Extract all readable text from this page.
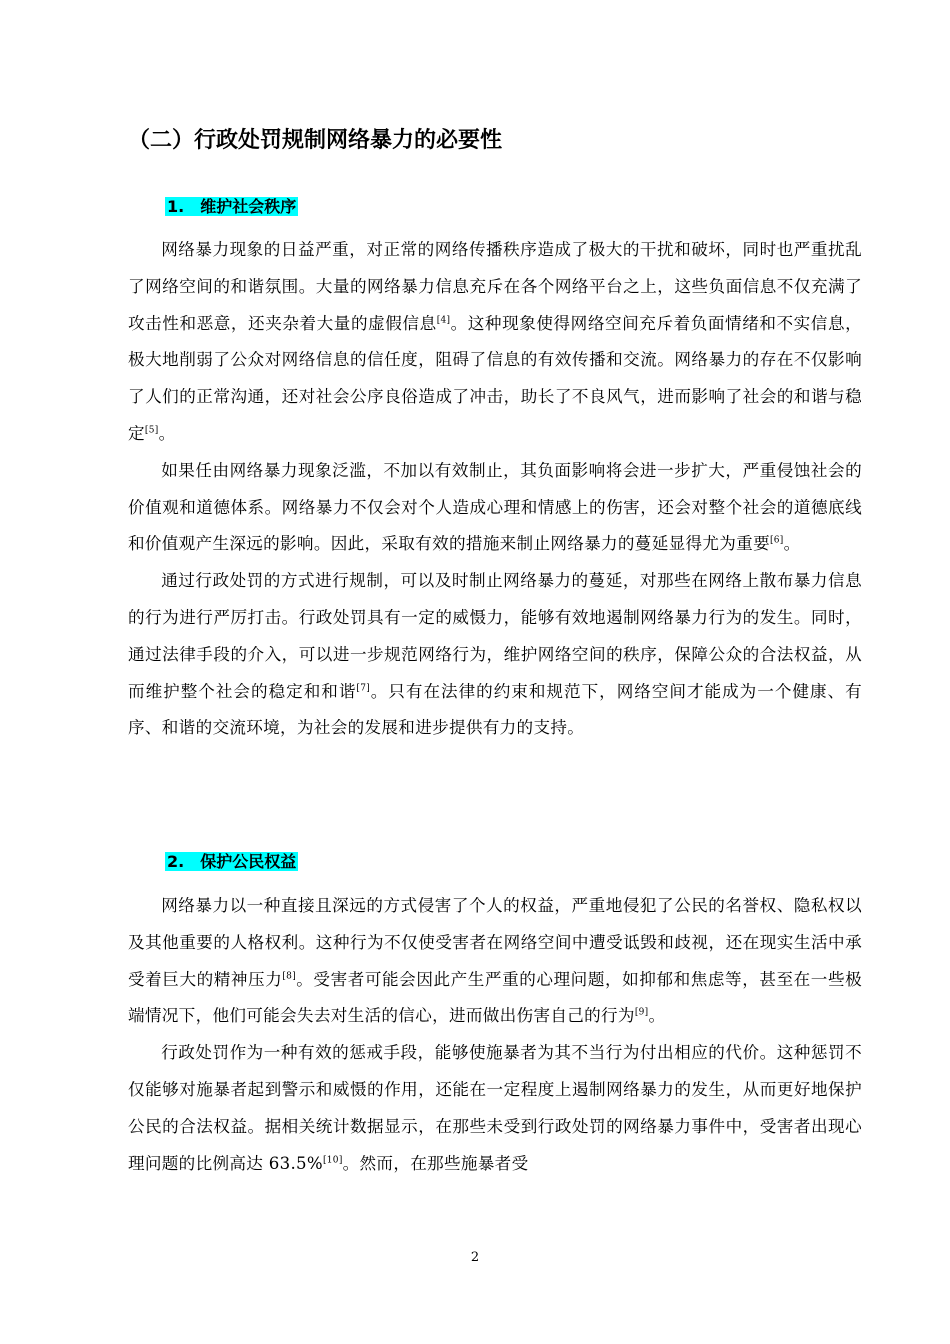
（二）行政处罚规制网络暴力的必要性
1. 维护社会秩序

网络暴力现象的日益严重，对正常的网络传播秩序造成了极大的干扰和破坏，同时也严重扰乱了网络空间的和谐氛围。大量的网络暴力信息充斥在各个网络平台之上，这些负面信息不仅充满了攻击性和恶意，还夹杂着大量的虚假信息[4]。这种现象使得网络空间充斥着负面情绪和不实信息，极大地削弱了公众对网络信息的信任度，阻碍了信息的有效传播和交流。网络暴力的存在不仅影响了人们的正常沟通，还对社会公序良俗造成了冲击，助长了不良风气，进而影响了社会的和谐与稳定[5]。

如果任由网络暴力现象泛滥，不加以有效制止，其负面影响将会进一步扩大，严重侵蚀社会的价值观和道德体系。网络暴力不仅会对个人造成心理和情感上的伤害，还会对整个社会的道德底线和价值观产生深远的影响。因此，采取有效的措施来制止网络暴力的蔓延显得尤为重要[6]。

通过行政处罚的方式进行规制，可以及时制止网络暴力的蔓延，对那些在网络上散布暴力信息的行为进行严厉打击。行政处罚具有一定的威慑力，能够有效地遏制网络暴力行为的发生。同时，通过法律手段的介入，可以进一步规范网络行为，维护网络空间的秩序，保障公众的合法权益，从而维护整个社会的稳定和和谐[7]。只有在法律的约束和规范下，网络空间才能成为一个健康、有序、和谐的交流环境，为社会的发展和进步提供有力的支持。

2. 保护公民权益

网络暴力以一种直接且深远的方式侵害了个人的权益，严重地侵犯了公民的名誉权、隐私权以及其他重要的人格权利。这种行为不仅使受害者在网络空间中遭受诋毁和歧视，还在现实生活中承受着巨大的精神压力[8]。受害者可能会因此产生严重的心理问题，如抑郁和焦虑等，甚至在一些极端情况下，他们可能会失去对生活的信心，进而做出伤害自己的行为[9]。

行政处罚作为一种有效的惩戒手段，能够使施暴者为其不当行为付出相应的代价。这种惩罚不仅能够对施暴者起到警示和威慑的作用，还能在一定程度上遏制网络暴力的发生，从而更好地保护公民的合法权益。据相关统计数据显示，在那些未受到行政处罚的网络暴力事件中，受害者出现心理问题的比例高达 63.5%[10]。然而，在那些施暴者受

2
